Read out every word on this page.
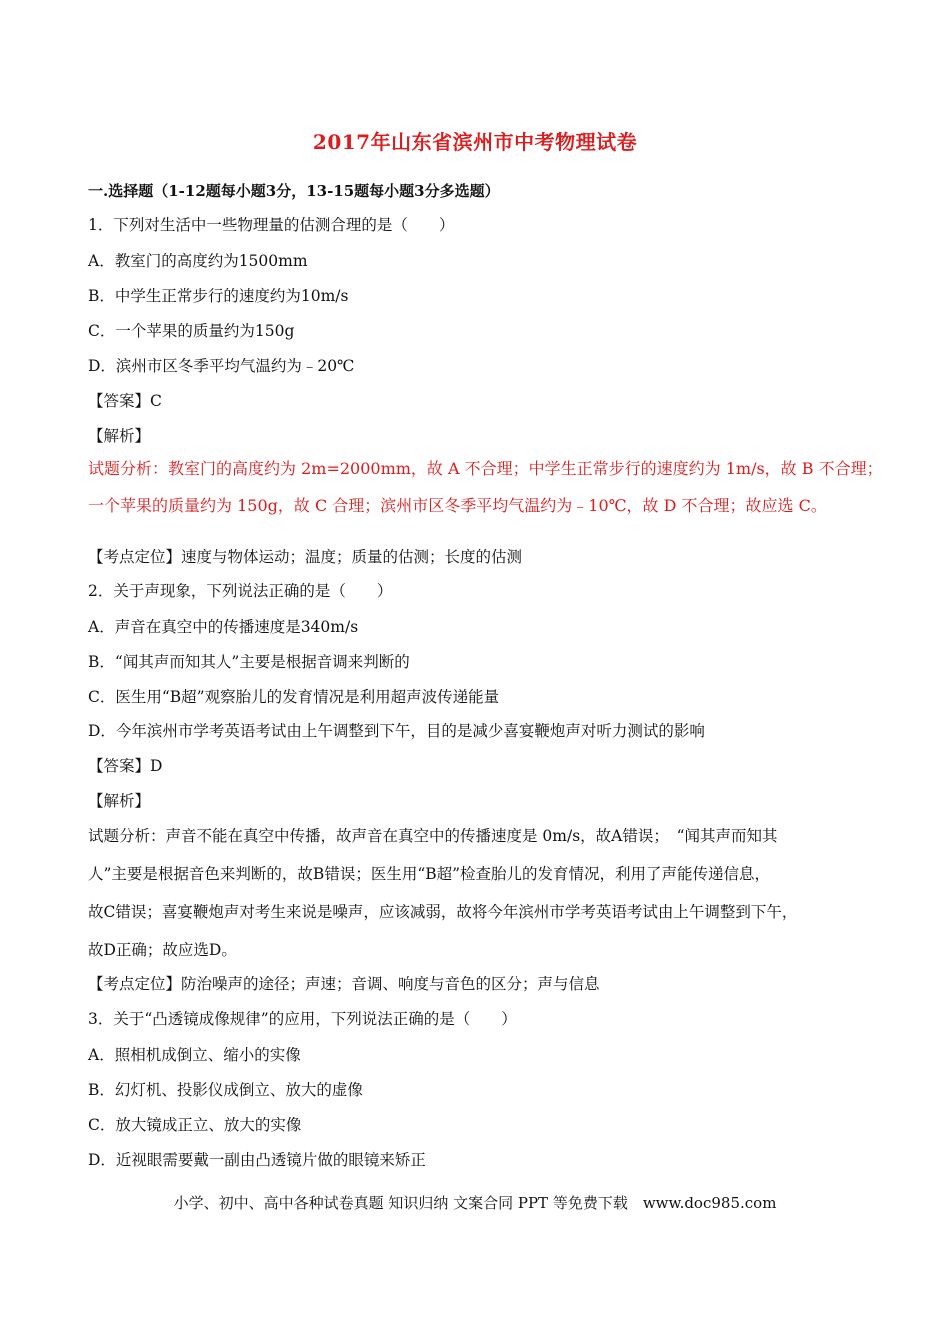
2017年山东省滨州市中考物理试卷
一.选择题（1-12题每小题3分，13-15题每小题3分多选题）
1．下列对生活中一些物理量的估测合理的是（　　）
A．教室门的高度约为1500mm
B．中学生正常步行的速度约为10m/s
C．一个苹果的质量约为150g
D．滨州市区冬季平均气温约为﹣20℃
【答案】C
【解析】
试题分析：教室门的高度约为 2m=2000mm，故 A 不合理；中学生正常步行的速度约为 1m/s，故 B 不合理；
一个苹果的质量约为 150g，故 C 合理；滨州市区冬季平均气温约为﹣10℃，故 D 不合理；故应选 C。
【考点定位】速度与物体运动；温度；质量的估测；长度的估测
2．关于声现象，下列说法正确的是（　　）
A．声音在真空中的传播速度是340m/s
B．“闻其声而知其人”主要是根据音调来判断的
C．医生用“B超”观察胎儿的发育情况是利用超声波传递能量
D．今年滨州市学考英语考试由上午调整到下午，目的是减少喜宴鞭炮声对听力测试的影响
【答案】D
【解析】
试题分析：声音不能在真空中传播，故声音在真空中的传播速度是 0m/s，故A错误；　“闻其声而知其
人”主要是根据音色来判断的，故B错误；医生用“B超”检查胎儿的发育情况，利用了声能传递信息，
故C错误；喜宴鞭炮声对考生来说是噪声，应该减弱，故将今年滨州市学考英语考试由上午调整到下午，
故D正确；故应选D。
【考点定位】防治噪声的途径；声速；音调、响度与音色的区分；声与信息
3．关于“凸透镜成像规律”的应用，下列说法正确的是（　　）
A．照相机成倒立、缩小的实像
B．幻灯机、投影仪成倒立、放大的虚像
C．放大镜成正立、放大的实像
D．近视眼需要戴一副由凸透镜片做的眼镜来矫正
小学、初中、高中各种试卷真题 知识归纳 文案合同 PPT 等免费下载　www.doc985.com
